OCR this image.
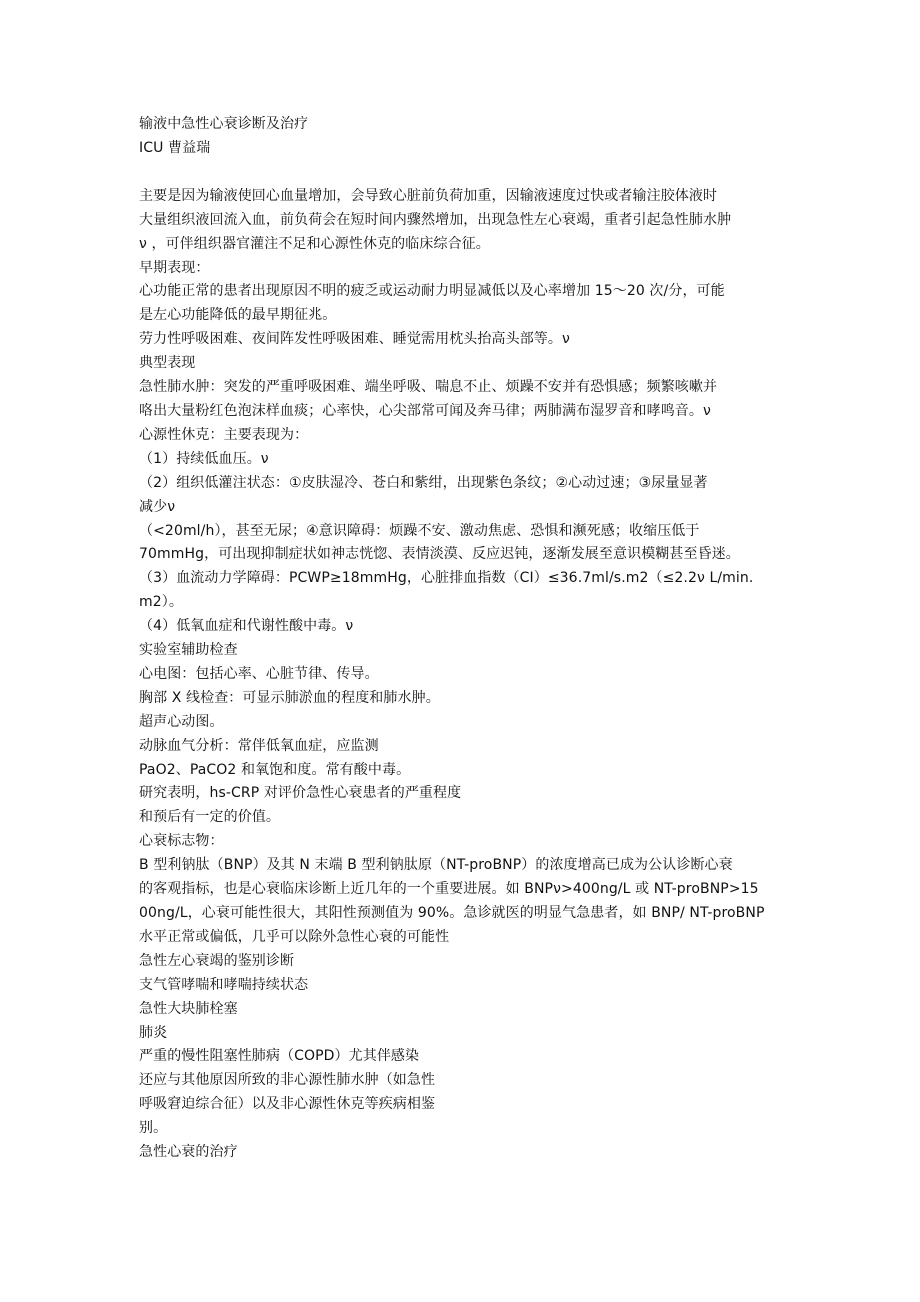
输液中急性心衰诊断及治疗
ICU 曹益瑞
主要是因为输液使回心血量增加，会导致心脏前负荷加重，因输液速度过快或者输注胶体液时
大量组织液回流入血，前负荷会在短时间内骤然增加，出现急性左心衰竭，重者引起急性肺水肿
ν ，可伴组织器官灌注不足和心源性休克的临床综合征。
早期表现：
心功能正常的患者出现原因不明的疲乏或运动耐力明显减低以及心率增加 15～20 次/分，可能
是左心功能降低的最早期征兆。
劳力性呼吸困难、夜间阵发性呼吸困难、睡觉需用枕头抬高头部等。ν
典型表现
急性肺水肿：突发的严重呼吸困难、端坐呼吸、喘息不止、烦躁不安并有恐惧感；频繁咳嗽并
咯出大量粉红色泡沫样血痰；心率快，心尖部常可闻及奔马律；两肺满布湿罗音和哮鸣音。ν
心源性休克：主要表现为：
（1）持续低血压。ν
（2）组织低灌注状态：①皮肤湿冷、苍白和紫绀，出现紫色条纹；②心动过速；③尿量显著
减少ν
（<20ml/h），甚至无尿；④意识障碍：烦躁不安、激动焦虑、恐惧和濒死感；收缩压低于
70mmHg，可出现抑制症状如神志恍惚、表情淡漠、反应迟钝，逐渐发展至意识模糊甚至昏迷。
（3）血流动力学障碍：PCWP≥18mmHg，心脏排血指数（CI）≤36.7ml/s.m2（≤2.2ν L/min.
m2）。
（4）低氧血症和代谢性酸中毒。ν
实验室辅助检查
心电图：包括心率、心脏节律、传导。
胸部 X 线检查：可显示肺淤血的程度和肺水肿。
超声心动图。
动脉血气分析：常伴低氧血症，应监测
PaO2、PaCO2 和氧饱和度。常有酸中毒。
研究表明，hs-CRP 对评价急性心衰患者的严重程度
和预后有一定的价值。
心衰标志物：
B 型利钠肽（BNP）及其 N 末端 B 型利钠肽原（NT-proBNP）的浓度增高已成为公认诊断心衰
的客观指标，也是心衰临床诊断上近几年的一个重要进展。如 BNPν>400ng/L 或 NT-proBNP>15
00ng/L，心衰可能性很大，其阳性预测值为 90%。急诊就医的明显气急患者，如 BNP/ NT-proBNP
水平正常或偏低，几乎可以除外急性心衰的可能性
急性左心衰竭的鉴别诊断
支气管哮喘和哮喘持续状态
急性大块肺栓塞
肺炎
严重的慢性阻塞性肺病（COPD）尤其伴感染
还应与其他原因所致的非心源性肺水肿（如急性
呼吸窘迫综合征）以及非心源性休克等疾病相鉴
别。
急性心衰的治疗
